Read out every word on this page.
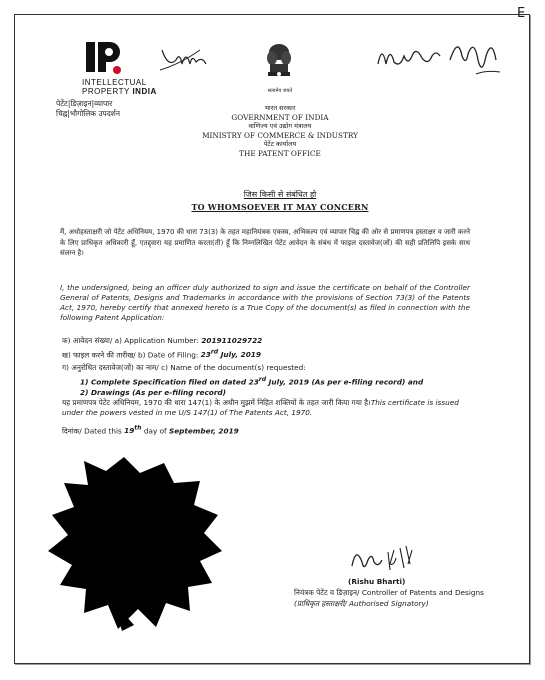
E
INTELLECTUAL
PROPERTY INDIA
पेटेंट|डिज़ाइन|व्यापार
चिह्न|भौगोलिक उपदर्शन
सत्यमेव जयते
भारत सरकार
GOVERNMENT OF INDIA
वाणिज्य एवं उद्योग मंत्रालय
MINISTRY OF COMMERCE & INDUSTRY
पेटेंट कार्यालय
THE PATENT OFFICE
जिस किसी से संबंधित हो
TO WHOMSOEVER IT MAY CONCERN
मैं, अधोहस्ताक्षरी जो पेटेंट अधिनियम, 1970 की धारा 73(3) के तहत महानियंत्रक एकस्व, अभिकल्प एवं व्यापार चिह्न की ओर से प्रमाणपत्र हस्ताक्षर व जारी करने के लिए प्राधिकृत अधिकारी हूँ, एतद्द्वारा यह प्रमाणित करता(ती) हूँ कि निम्नलिखित पेटेंट आवेदन के संबंध में फाइल दस्तावेज(जों) की सही प्रतिलिपि इसके साथ संलग्न है।
I, the undersigned, being an officer duly authorized to sign and issue the certificate on behalf of the Controller General of Patents, Designs and Trademarks in accordance with the provisions of Section 73(3) of the Patents Act, 1970, hereby certify that annexed hereto is a True Copy of the document(s) as filed in connection with the following Patent Application:
क) आवेदन संख्या/ a) Application Number: 201911029722
ख) फाइल करने की तारीख/ b) Date of Filing: 23rd July, 2019
ग) अनुरोधित दस्तावेज(जों) का नाम/ c) Name of the document(s) requested:
1) Complete Specification filed on dated 23rd July, 2019 (As per e-filing record) and
2) Drawings (As per e-filing record)
यह प्रमाणपत्र पेटेंट अधिनियम, 1970 की धारा 147(1) के अधीन मुझमें निहित शक्तियों के तहत जारी किया गया है।This certificate is issued under the powers vested in me U/S 147(1) of The Patents Act, 1970.
दिनांक/ Dated this 19th day of September, 2019
(Rishu Bharti)
नियंत्रक पेटेंट व डिज़ाइन/ Controller of Patents and Designs
(प्राधिकृत हस्ताक्षरी/ Authorised Signatory)
